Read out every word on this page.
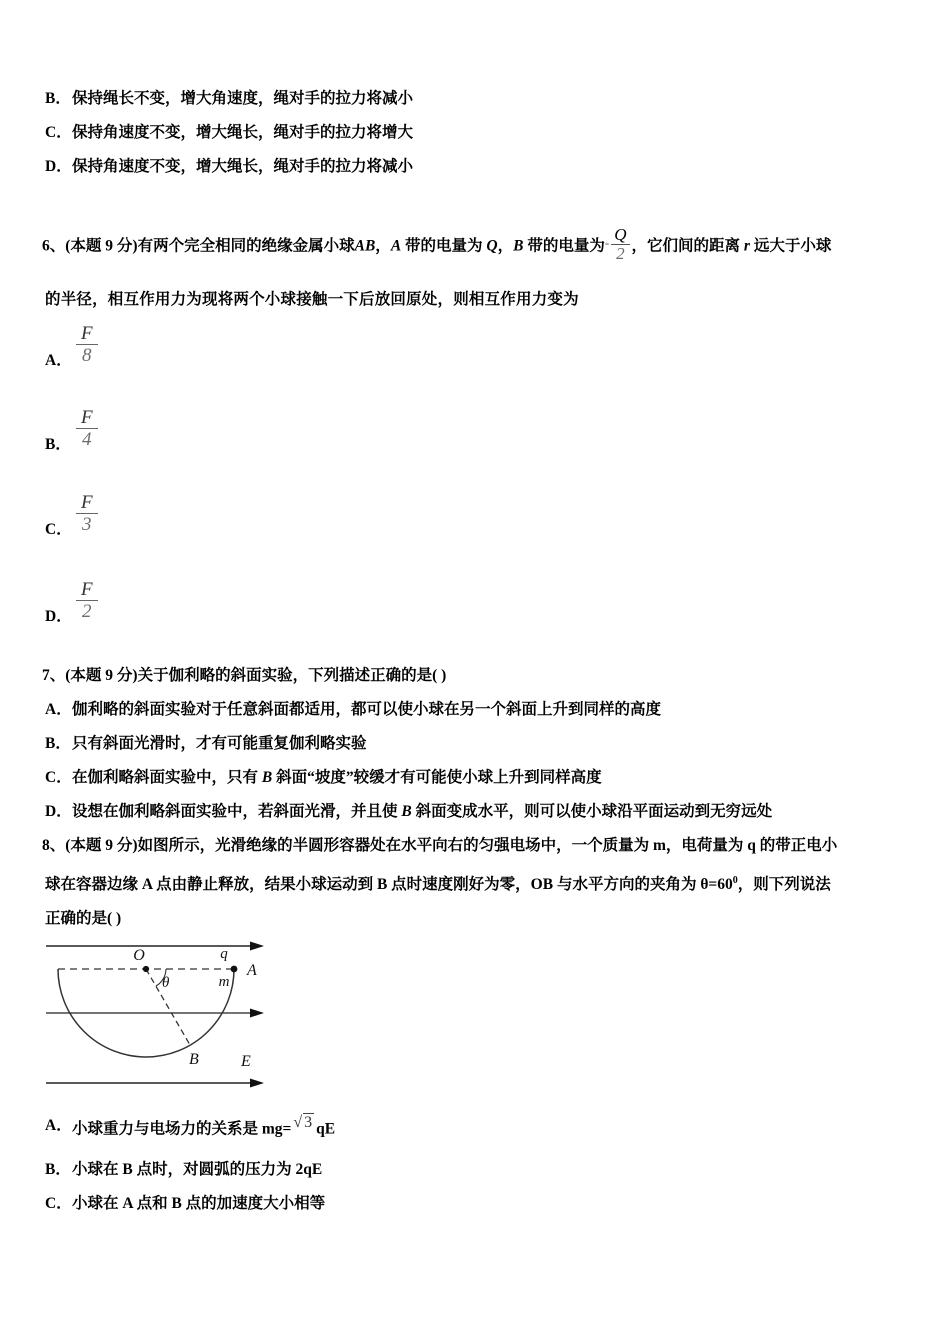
B． 保持绳长不变，增大角速度，绳对手的拉力将减小
C． 保持角速度不变，增大绳长，绳对手的拉力将增大
D． 保持角速度不变，增大绳长，绳对手的拉力将减小
6、(本题 9 分)有两个完全相同的绝缘金属小球AB，A 带的电量为 Q，B 带的电量为- $\frac{Q}{2}$ ，它们间的距离 r 远大于小球
的半径，相互作用力为现将两个小球接触一下后放回原处，则相互作用力变为
A． $\frac{F}{8}$
B． $\frac{F}{4}$
C． $\frac{F}{3}$
D． $\frac{F}{2}$
7、(本题 9 分)关于伽利略的斜面实验，下列描述正确的是( )
A． 伽利略的斜面实验对于任意斜面都适用，都可以使小球在另一个斜面上升到同样的高度
B． 只有斜面光滑时，才有可能重复伽利略实验
C． 在伽利略斜面实验中，只有 B 斜面“坡度”较缓才有可能使小球上升到同样高度
D． 设想在伽利略斜面实验中，若斜面光滑，并且使 B 斜面变成水平，则可以使小球沿平面运动到无穷远处
8、(本题 9 分)如图所示，光滑绝缘的半圆形容器处在水平向右的匀强电场中，一个质量为 m，电荷量为 q 的带正电小
球在容器边缘 A 点由静止释放，结果小球运动到 B 点时速度刚好为零，OB 与水平方向的夹角为 $\theta=60^0$，则下列说法
正确的是( )
O
A
q
m
θ
B	E
A． 小球重力与电场力的关系是 mg= √ 3 qE
B． 小球在 B 点时，对圆弧的压力为 2qE
C． 小球在 A 点和 B 点的加速度大小相等
